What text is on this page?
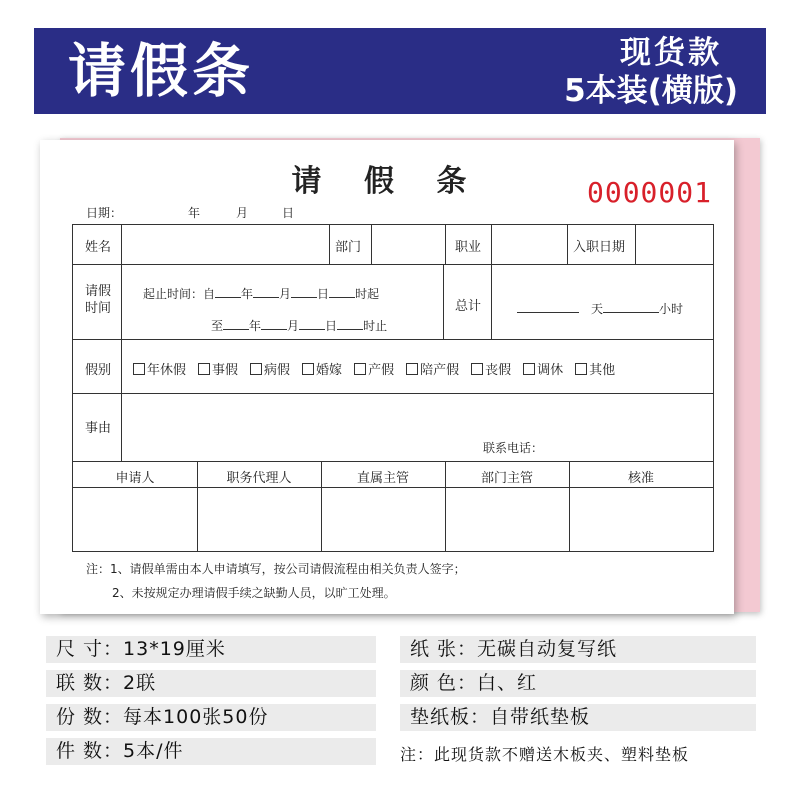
请假条	现货款
5本装(横版)
请 假 条	0000001
日期：	年	月	日
姓名	部门	职业	入职日期
请假
时间
起止时间：自 年 月 日 时起
至 年 月 日 时止
总计	天	小时
假别	年休假 事假 病假 婚嫁 产假 陪产假 丧假 调休 其他
事由
联系电话：
申请人	职务代理人	直属主管	部门主管	核准
注：1、请假单需由本人申请填写，按公司请假流程由相关负责人签字；
2、未按规定办理请假手续之缺勤人员，以旷工处理。
尺 寸：13*19厘米
联 数：2联
份 数：每本100张50份
件 数：5本/件
纸 张：无碳自动复写纸
颜 色：白、红
垫纸板：自带纸垫板
注：此现货款不赠送木板夹、塑料垫板
